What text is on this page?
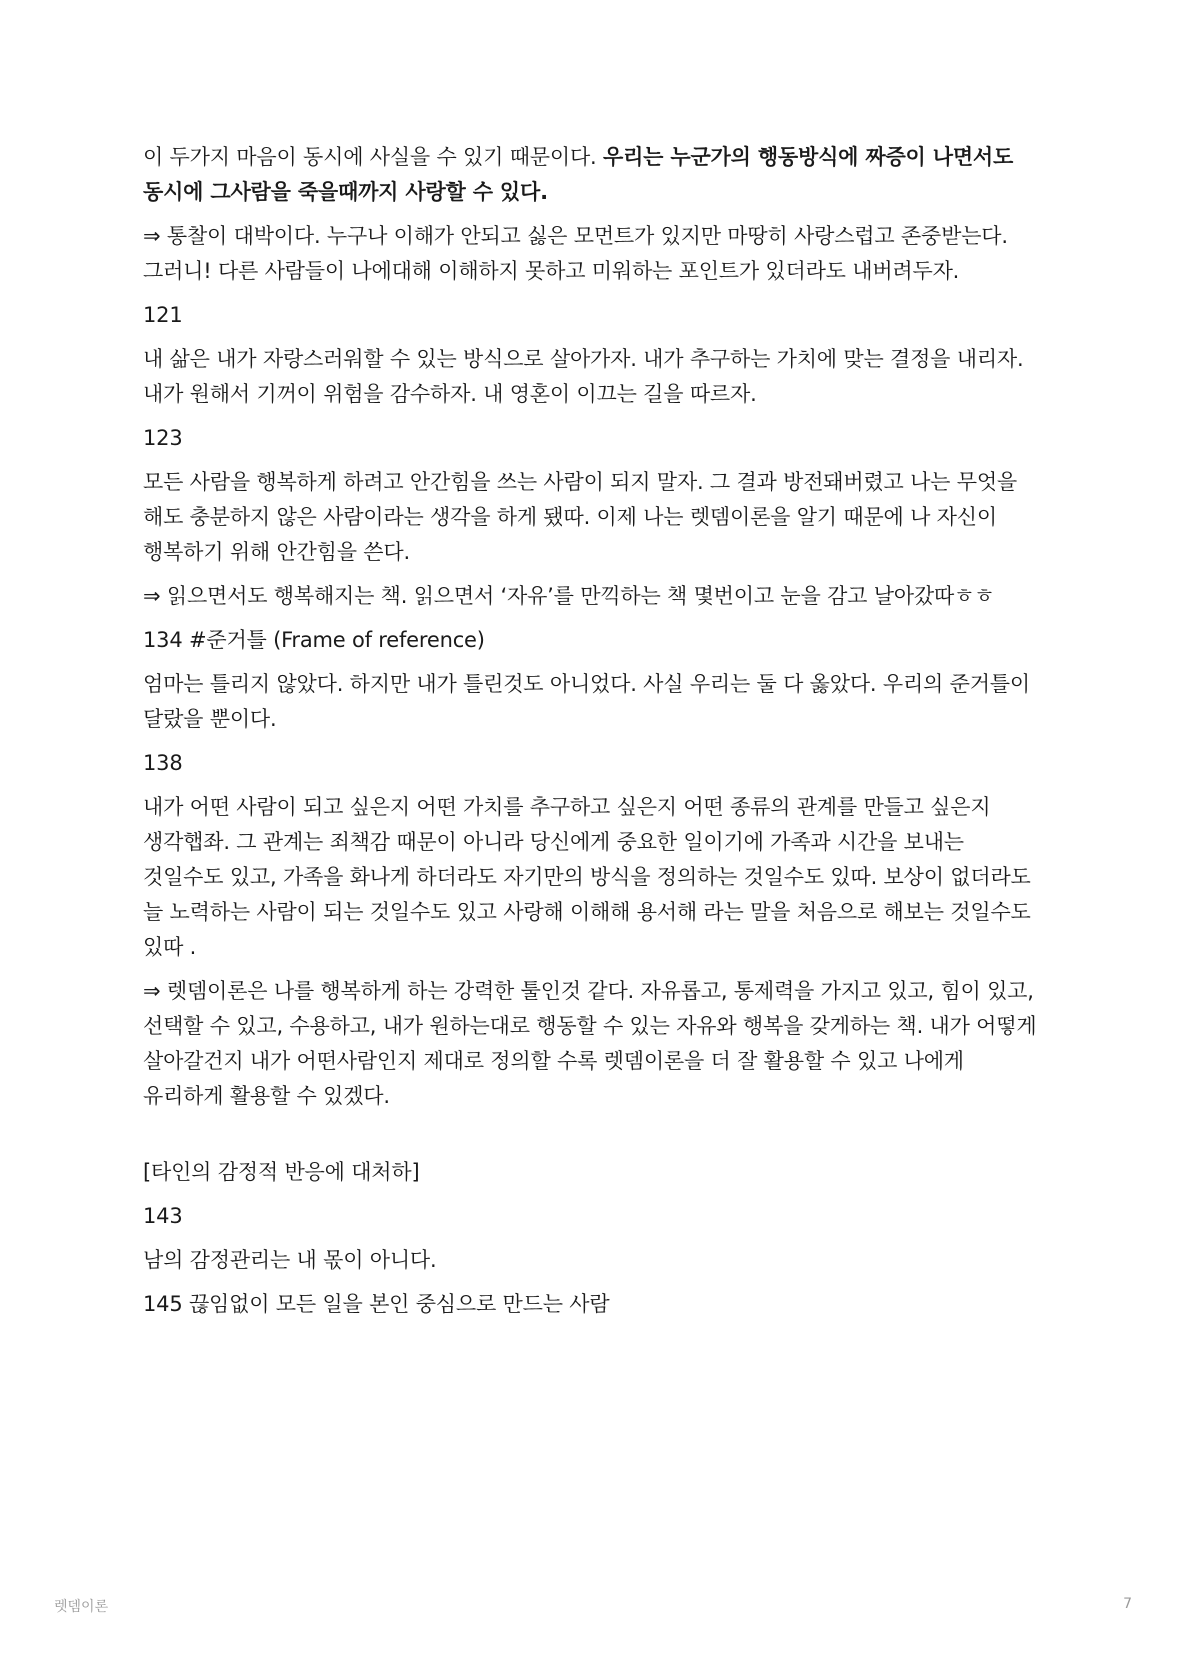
이 두가지 마음이 동시에 사실을 수 있기 때문이다. 우리는 누군가의 행동방식에 짜증이 나면서도 동시에 그사람을 죽을때까지 사랑할 수 있다.

⇒ 통찰이 대박이다. 누구나 이해가 안되고 싫은 모먼트가 있지만 마땅히 사랑스럽고 존중받는다. 그러니! 다른 사람들이 나에대해 이해하지 못하고 미워하는 포인트가 있더라도 내버려두자.

121

내 삶은 내가 자랑스러워할 수 있는 방식으로 살아가자. 내가 추구하는 가치에 맞는 결정을 내리자. 내가 원해서 기꺼이 위험을 감수하자. 내 영혼이 이끄는 길을 따르자.

123

모든 사람을 행복하게 하려고 안간힘을 쓰는 사람이 되지 말자. 그 결과 방전돼버렸고 나는 무엇을 해도 충분하지 않은 사람이라는 생각을 하게 됐따. 이제 나는 렛뎀이론을 알기 때문에 나 자신이 행복하기 위해 안간힘을 쓴다.

⇒ 읽으면서도 행복해지는 책. 읽으면서 ‘자유’를 만끽하는 책 몇번이고 눈을 감고 날아갔따ㅎㅎ

134 #준거틀 (Frame of reference)

엄마는 틀리지 않았다. 하지만 내가 틀린것도 아니었다. 사실 우리는 둘 다 옳았다. 우리의 준거틀이 달랐을 뿐이다.

138

내가 어떤 사람이 되고 싶은지 어떤 가치를 추구하고 싶은지 어떤 종류의 관계를 만들고 싶은지 생각햅좌. 그 관계는 죄책감 때문이 아니라 당신에게 중요한 일이기에 가족과 시간을 보내는 것일수도 있고, 가족을 화나게 하더라도 자기만의 방식을 정의하는 것일수도 있따. 보상이 없더라도 늘 노력하는 사람이 되는 것일수도 있고 사랑해 이해해 용서해 라는 말을 처음으로 해보는 것일수도 있따 .

⇒ 렛뎀이론은 나를 행복하게 하는 강력한 툴인것 같다. 자유롭고, 통제력을 가지고 있고, 힘이 있고, 선택할 수 있고, 수용하고, 내가 원하는대로 행동할 수 있는 자유와 행복을 갖게하는 책. 내가 어떻게 살아갈건지 내가 어떤사람인지 제대로 정의할 수록 렛뎀이론을 더 잘 활용할 수 있고 나에게 유리하게 활용할 수 있겠다.

[타인의 감정적 반응에 대처하]

143

남의 감정관리는 내 몫이 아니다.

145 끊임없이 모든 일을 본인 중심으로 만드는 사람

렛뎀이론	7
